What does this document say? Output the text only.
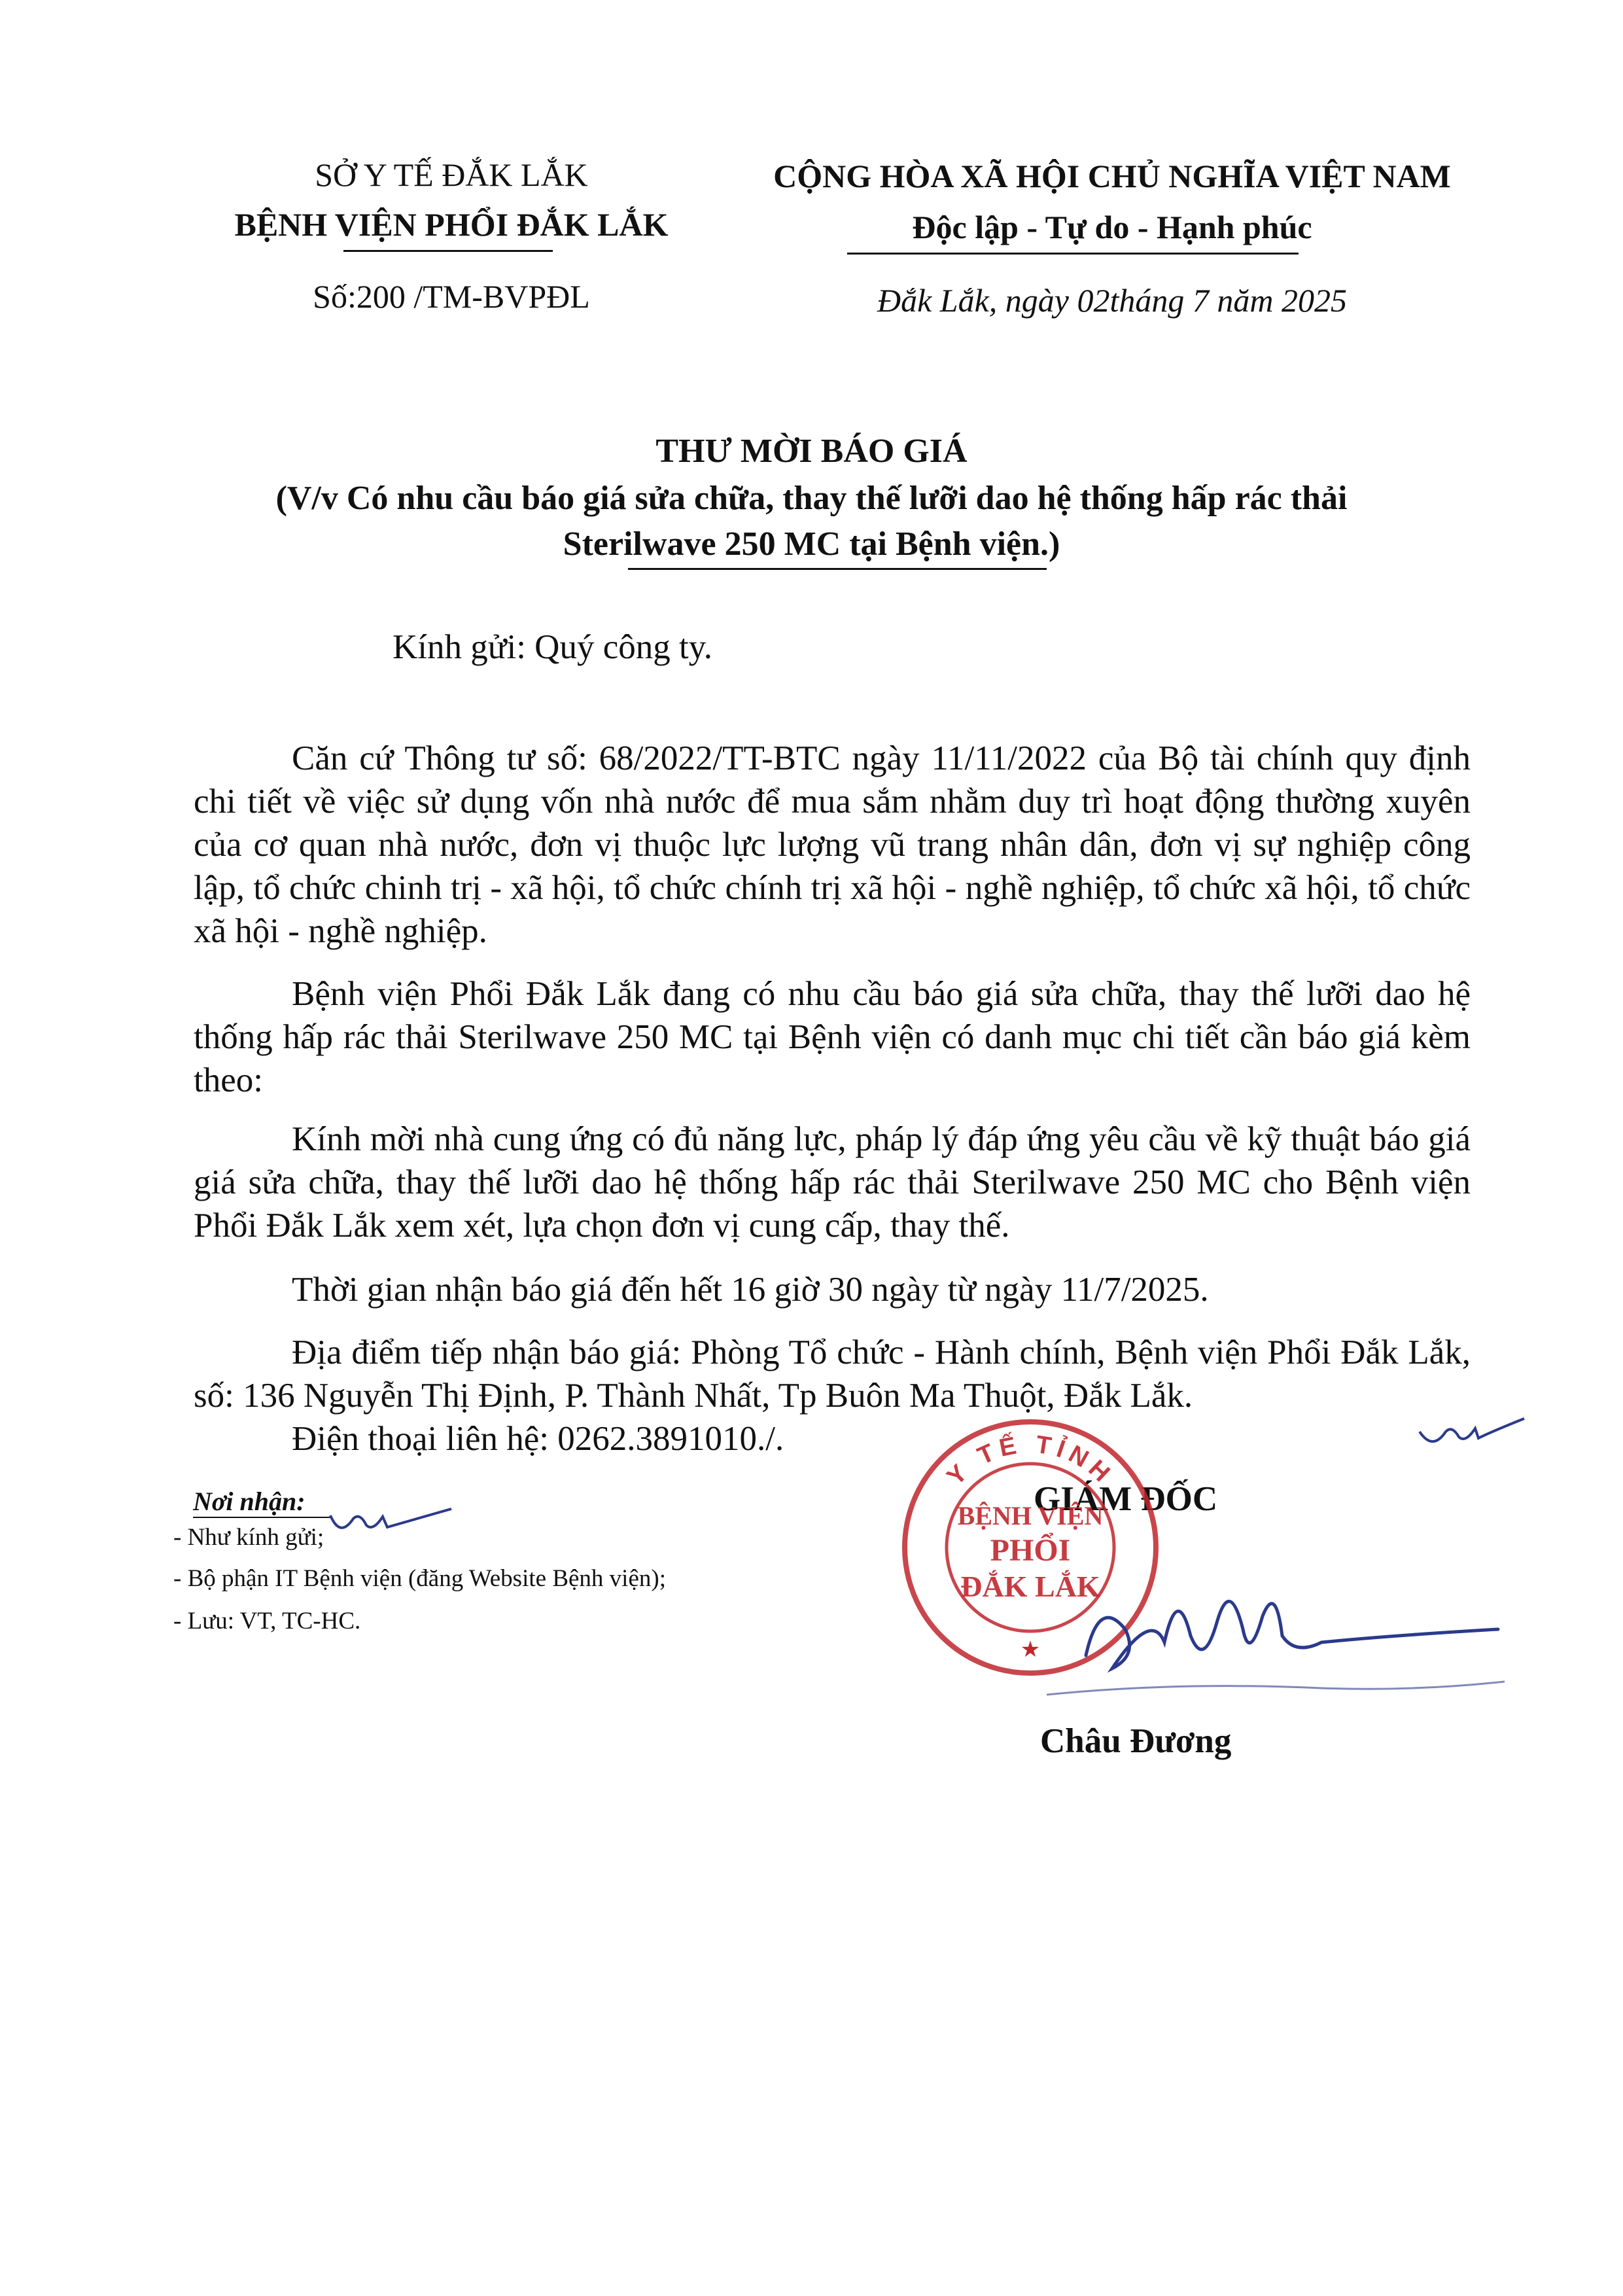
SỞ Y TẾ ĐẮK LẮK
BỆNH VIỆN PHỔI ĐẮK LẮK
Số:200 /TM-BVPĐL
CỘNG HÒA XÃ HỘI CHỦ NGHĨA VIỆT NAM
Độc lập - Tự do - Hạnh phúc
Đắk Lắk, ngày 02tháng 7 năm 2025
THƯ MỜI BÁO GIÁ
(V/v Có nhu cầu báo giá sửa chữa, thay thế lưỡi dao hệ thống hấp rác thải
Sterilwave 250 MC tại Bệnh viện.)
Kính gửi: Quý công ty.
Căn cứ Thông tư số: 68/2022/TT-BTC ngày 11/11/2022 của Bộ tài chính quy định chi tiết về việc sử dụng vốn nhà nước để mua sắm nhằm duy trì hoạt động thường xuyên của cơ quan nhà nước, đơn vị thuộc lực lượng vũ trang nhân dân, đơn vị sự nghiệp công lập, tổ chức chinh trị - xã hội, tổ chức chính trị xã hội - nghề nghiệp, tổ chức xã hội, tổ chức xã hội - nghề nghiệp.
Bệnh viện Phổi Đắk Lắk đang có nhu cầu báo giá sửa chữa, thay thế lưỡi dao hệ thống hấp rác thải Sterilwave 250 MC tại Bệnh viện có danh mục chi tiết cần báo giá kèm theo:
Kính mời nhà cung ứng có đủ năng lực, pháp lý đáp ứng yêu cầu về kỹ thuật báo giá giá sửa chữa, thay thế lưỡi dao hệ thống hấp rác thải Sterilwave 250 MC cho Bệnh viện Phổi Đắk Lắk xem xét, lựa chọn đơn vị cung cấp, thay thế.
Thời gian nhận báo giá đến hết 16 giờ 30 ngày từ ngày 11/7/2025.
Địa điểm tiếp nhận báo giá: Phòng Tổ chức - Hành chính, Bệnh viện Phổi Đắk Lắk, số: 136 Nguyễn Thị Định, P. Thành Nhất, Tp Buôn Ma Thuột, Đắk Lắk.
Điện thoại liên hệ: 0262.3891010./.
Nơi nhận:
- Như kính gửi;
- Bộ phận IT Bệnh viện (đăng Website Bệnh viện);
- Lưu: VT, TC-HC.
GIÁM ĐỐC
Y TẾ TỈNH
BỆNH VIỆN
PHỔI
ĐẮK LẮK
★
Châu Đương
